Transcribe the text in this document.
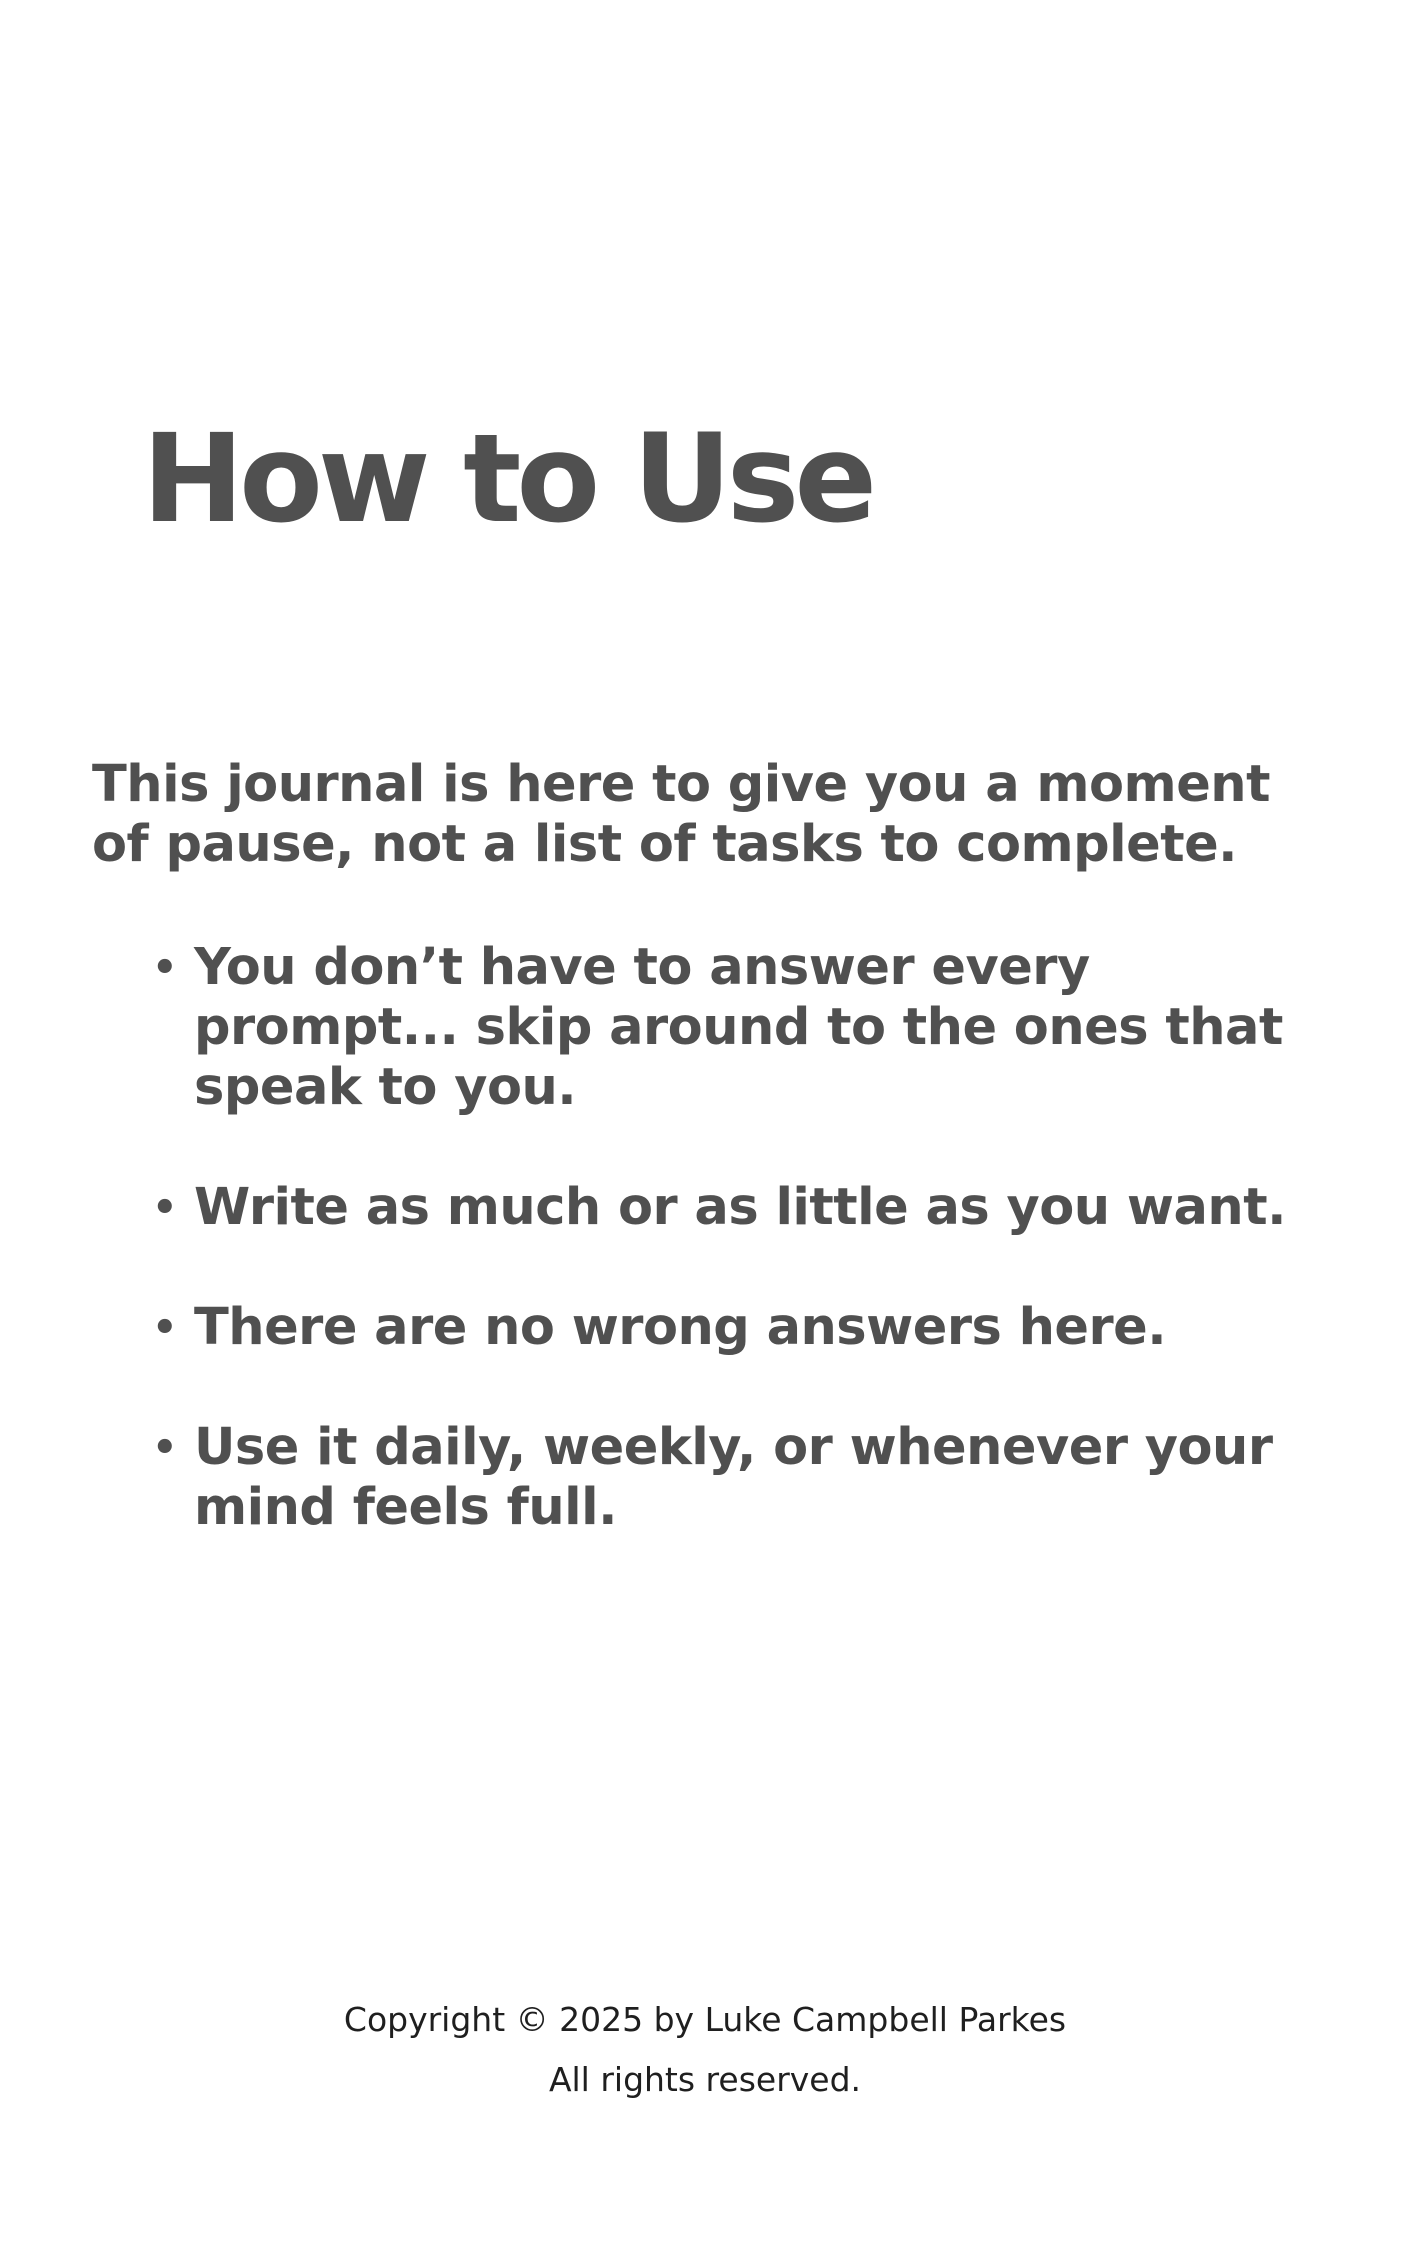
How to Use

This journal is here to give you a moment of pause, not a list of tasks to complete.

• You don’t have to answer every prompt... skip around to the ones that speak to you.
• Write as much or as little as you want.
• There are no wrong answers here.
• Use it daily, weekly, or whenever your mind feels full.
Copyright © 2025 by Luke Campbell Parkes
All rights reserved.
